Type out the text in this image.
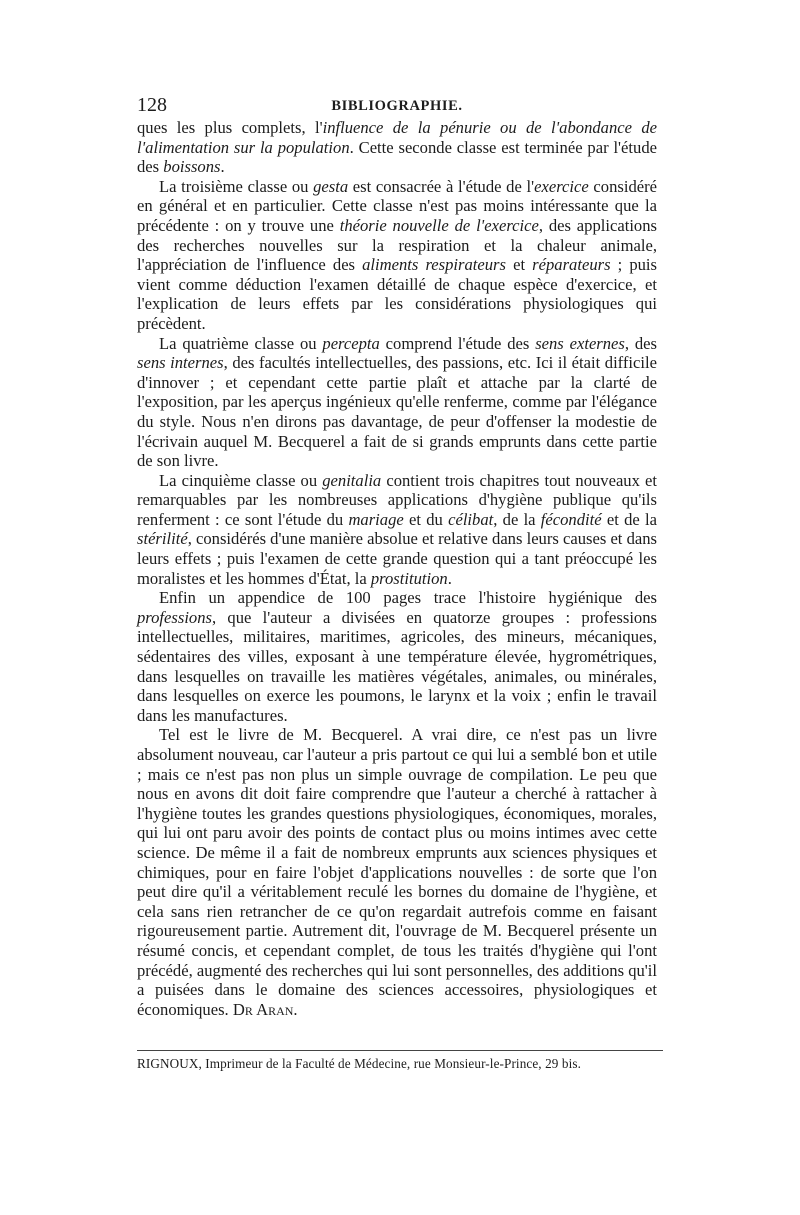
128	BIBLIOGRAPHIE.

ques les plus complets, l'influence de la pénurie ou de l'abondance de l'alimentation sur la population. Cette seconde classe est terminée par l'étude des boissons.

La troisième classe ou gesta est consacrée à l'étude de l'exercice considéré en général et en particulier. Cette classe n'est pas moins intéressante que la précédente : on y trouve une théorie nouvelle de l'exercice, des applications des recherches nouvelles sur la respiration et la chaleur animale, l'appréciation de l'influence des aliments respirateurs et réparateurs ; puis vient comme déduction l'examen détaillé de chaque espèce d'exercice, et l'explication de leurs effets par les considérations physiologiques qui précèdent.

La quatrième classe ou percepta comprend l'étude des sens externes, des sens internes, des facultés intellectuelles, des passions, etc. Ici il était difficile d'innover ; et cependant cette partie plaît et attache par la clarté de l'exposition, par les aperçus ingénieux qu'elle renferme, comme par l'élégance du style. Nous n'en dirons pas davantage, de peur d'offenser la modestie de l'écrivain auquel M. Becquerel a fait de si grands emprunts dans cette partie de son livre.

La cinquième classe ou genitalia contient trois chapitres tout nouveaux et remarquables par les nombreuses applications d'hygiène publique qu'ils renferment : ce sont l'étude du mariage et du célibat, de la fécondité et de la stérilité, considérés d'une manière absolue et relative dans leurs causes et dans leurs effets ; puis l'examen de cette grande question qui a tant préoccupé les moralistes et les hommes d'État, la prostitution.

Enfin un appendice de 100 pages trace l'histoire hygiénique des professions, que l'auteur a divisées en quatorze groupes : professions intellectuelles, militaires, maritimes, agricoles, des mineurs, mécaniques, sédentaires des villes, exposant à une température élevée, hygrométriques, dans lesquelles on travaille les matières végétales, animales, ou minérales, dans lesquelles on exerce les poumons, le larynx et la voix ; enfin le travail dans les manufactures.

Tel est le livre de M. Becquerel. A vrai dire, ce n'est pas un livre absolument nouveau, car l'auteur a pris partout ce qui lui a semblé bon et utile ; mais ce n'est pas non plus un simple ouvrage de compilation. Le peu que nous en avons dit doit faire comprendre que l'auteur a cherché à rattacher à l'hygiène toutes les grandes questions physiologiques, économiques, morales, qui lui ont paru avoir des points de contact plus ou moins intimes avec cette science. De même il a fait de nombreux emprunts aux sciences physiques et chimiques, pour en faire l'objet d'applications nouvelles : de sorte que l'on peut dire qu'il a véritablement reculé les bornes du domaine de l'hygiène, et cela sans rien retrancher de ce qu'on regardait autrefois comme en faisant rigoureusement partie. Autrement dit, l'ouvrage de M. Becquerel présente un résumé concis, et cependant complet, de tous les traités d'hygiène qui l'ont précédé, augmenté des recherches qui lui sont personnelles, des additions qu'il a puisées dans le domaine des sciences accessoires, physiologiques et économiques. Dr Aran.

RIGNOUX, Imprimeur de la Faculté de Médecine, rue Monsieur-le-Prince, 29 bis.
